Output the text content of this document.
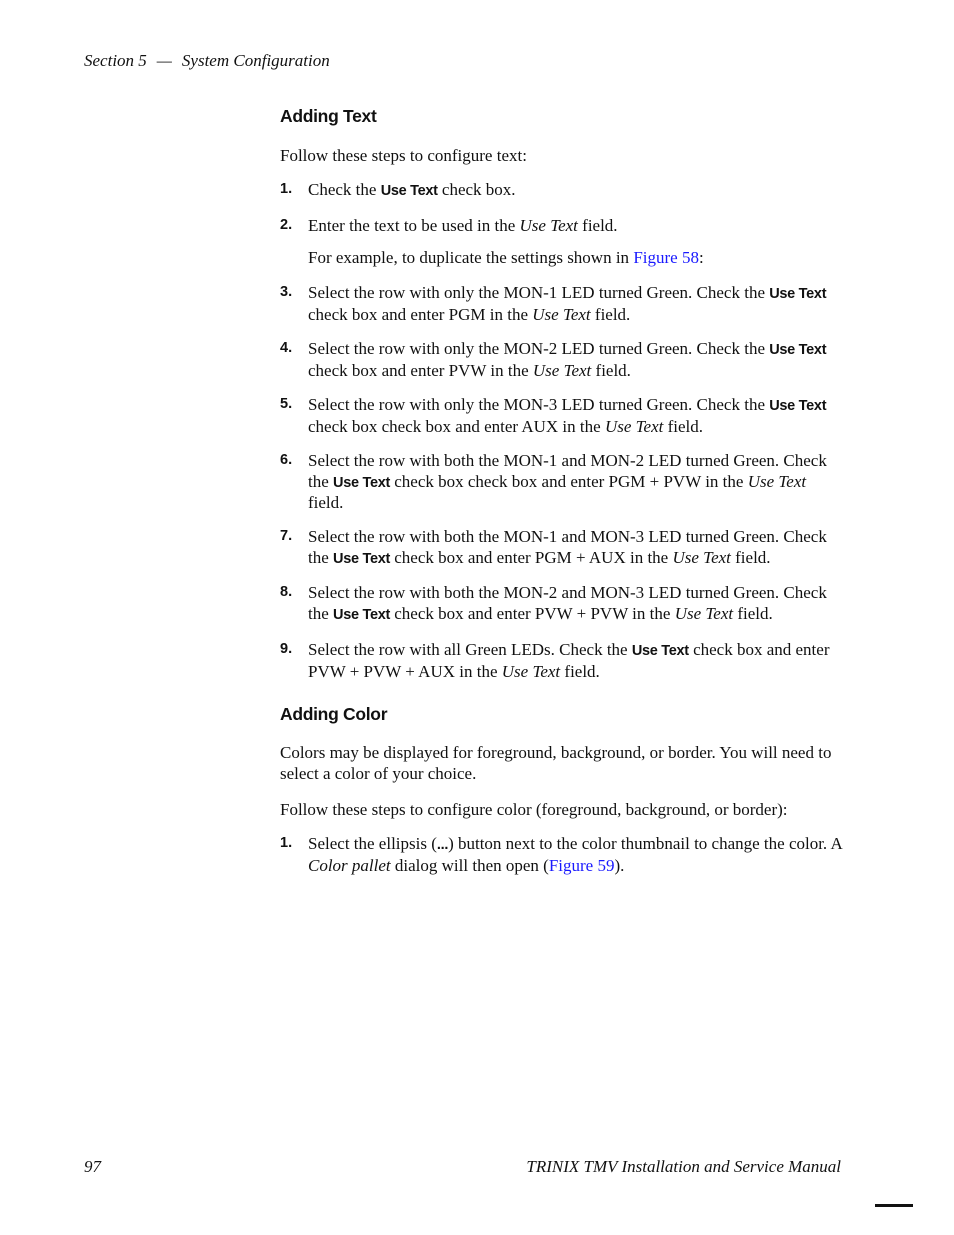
Section 5 — System Configuration
Adding Text
Follow these steps to configure text:
1. Check the Use Text check box.
2. Enter the text to be used in the Use Text field.
For example, to duplicate the settings shown in Figure 58:
3. Select the row with only the MON-1 LED turned Green. Check the Use Text check box and enter PGM in the Use Text field.
4. Select the row with only the MON-2 LED turned Green. Check the Use Text check box and enter PVW in the Use Text field.
5. Select the row with only the MON-3 LED turned Green. Check the Use Text check box check box and enter AUX in the Use Text field.
6. Select the row with both the MON-1 and MON-2 LED turned Green. Check the Use Text check box check box and enter PGM + PVW in the Use Text field.
7. Select the row with both the MON-1 and MON-3 LED turned Green. Check the Use Text check box and enter PGM + AUX in the Use Text field.
8. Select the row with both the MON-2 and MON-3 LED turned Green. Check the Use Text check box and enter PVW + PVW in the Use Text field.
9. Select the row with all Green LEDs. Check the Use Text check box and enter PVW + PVW + AUX in the Use Text field.
Adding Color
Colors may be displayed for foreground, background, or border. You will need to select a color of your choice.
Follow these steps to configure color (foreground, background, or border):
1. Select the ellipsis (...) button next to the color thumbnail to change the color. A Color pallet dialog will then open (Figure 59).
97	TRINIX TMV Installation and Service Manual
